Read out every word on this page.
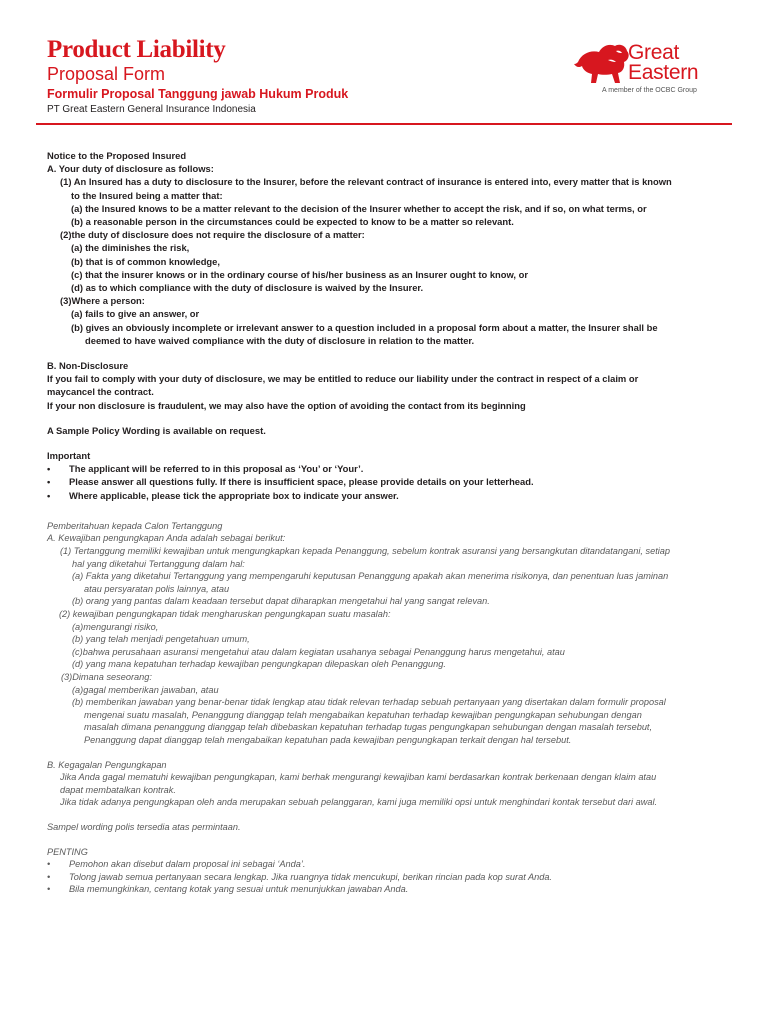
Product Liability
Proposal Form
Formulir Proposal Tanggung jawab Hukum Produk
PT Great Eastern General Insurance Indonesia
Great
Eastern
A member of the OCBC Group
Notice to the Proposed Insured
A. Your duty of disclosure as follows:
(1) An Insured has a duty to disclosure to the Insurer, before the relevant contract of insurance is entered into, every matter that is known
to the Insured being a matter that:
(a) the Insured knows to be a matter relevant to the decision of the Insurer whether to accept the risk, and if so, on what terms, or
(b) a reasonable person in the circumstances could be expected to know to be a matter so relevant.
(2)the duty of disclosure does not require the disclosure of a matter:
(a) the diminishes the risk,
(b) that is of common knowledge,
(c) that the insurer knows or in the ordinary course of his/her business as an Insurer ought to know, or
(d) as to which compliance with the duty of disclosure is waived by the Insurer.
(3)Where a person:
(a) fails to give an answer, or
(b) gives an obviously incomplete or irrelevant answer to a question included in a proposal form about a matter, the Insurer shall be
deemed to have waived compliance with the duty of disclosure in relation to the matter.
B. Non-Disclosure
If you fail to comply with your duty of disclosure, we may be entitled to reduce our liability under the contract in respect of a claim or
maycancel the contract.
If your non disclosure is fraudulent, we may also have the option of avoiding the contact from its beginning
A Sample Policy Wording is available on request.
Important
•	The applicant will be referred to in this proposal as ‘You’ or ‘Your’.
•	Please answer all questions fully. If there is insufficient space, please provide details on your letterhead.
•	Where applicable, please tick the appropriate box to indicate your answer.
Pemberitahuan kepada Calon Tertanggung
A. Kewajiban pengungkapan Anda adalah sebagai berikut:
(1) Tertanggung memiliki kewajiban untuk mengungkapkan kepada Penanggung, sebelum kontrak asuransi yang bersangkutan ditandatangani, setiap
hal yang diketahui Tertanggung dalam hal:
(a) Fakta yang diketahui Tertanggung yang mempengaruhi keputusan Penanggung apakah akan menerima risikonya, dan penentuan luas jaminan
atau persyaratan polis lainnya, atau
(b) orang yang pantas dalam keadaan tersebut dapat diharapkan mengetahui hal yang sangat relevan.
(2) kewajiban pengungkapan tidak mengharuskan pengungkapan suatu masalah:
(a)mengurangi risiko,
(b) yang telah menjadi pengetahuan umum,
(c)bahwa perusahaan asuransi mengetahui atau dalam kegiatan usahanya sebagai Penanggung harus mengetahui, atau
(d) yang mana kepatuhan terhadap kewajiban pengungkapan dilepaskan oleh Penanggung.
(3)Dimana seseorang:
(a)gagal memberikan jawaban, atau
(b) memberikan jawaban yang benar-benar tidak lengkap atau tidak relevan terhadap sebuah pertanyaan yang disertakan dalam formulir proposal
mengenai suatu masalah, Penanggung dianggap telah mengabaikan kepatuhan terhadap kewajiban pengungkapan sehubungan dengan
masalah dimana penanggung dianggap telah dibebaskan kepatuhan terhadap tugas pengungkapan sehubungan dengan masalah tersebut,
Penanggung dapat dianggap telah mengabaikan kepatuhan pada kewajiban pengungkapan terkait dengan hal tersebut.
B. Kegagalan Pengungkapan
Jika Anda gagal mematuhi kewajiban pengungkapan, kami berhak mengurangi kewajiban kami berdasarkan kontrak berkenaan dengan klaim atau
dapat membatalkan kontrak.
Jika tidak adanya pengungkapan oleh anda merupakan sebuah pelanggaran, kami juga memiliki opsi untuk menghindari kontak tersebut dari awal.
Sampel wording polis tersedia atas permintaan.
PENTING
•	Pemohon akan disebut dalam proposal ini sebagai ‘Anda’.
•	Tolong jawab semua pertanyaan secara lengkap. Jika ruangnya tidak mencukupi, berikan rincian pada kop surat Anda.
•	Bila memungkinkan, centang kotak yang sesuai untuk menunjukkan jawaban Anda.
